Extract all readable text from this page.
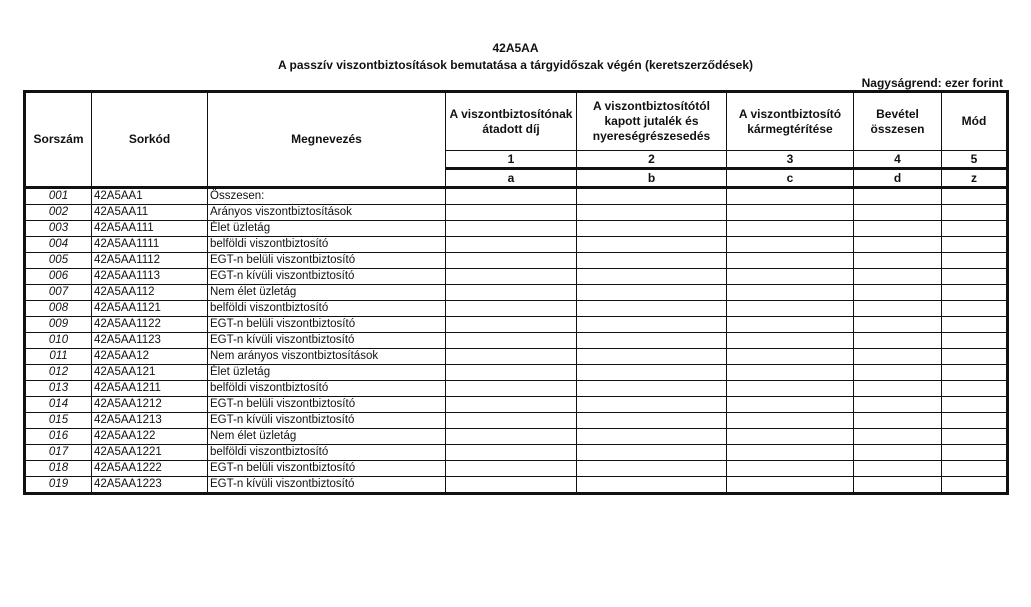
42A5AA
A passzív viszontbiztosítások bemutatása a tárgyidőszak végén (keretszerződések)
Nagyságrend: ezer forint
Sorszám	Sorkód	Megnevezés	A viszontbiztosítónak átadott díj	A viszontbiztosítótól kapott jutalék és nyereségrészesedés	A viszontbiztosító kármegtérítése	Bevétel összesen	Mód
			1	2	3	4	5
			a	b	c	d	z
001	42A5AA1	Összesen:					
002	42A5AA11	Arányos viszontbiztosítások					
003	42A5AA111	Élet üzletág					
004	42A5AA1111	belföldi viszontbiztosító					
005	42A5AA1112	EGT-n belüli viszontbiztosító					
006	42A5AA1113	EGT-n kívüli viszontbiztosító					
007	42A5AA112	Nem élet üzletág					
008	42A5AA1121	belföldi viszontbiztosító					
009	42A5AA1122	EGT-n belüli viszontbiztosító					
010	42A5AA1123	EGT-n kívüli viszontbiztosító					
011	42A5AA12	Nem arányos viszontbiztosítások					
012	42A5AA121	Élet üzletág					
013	42A5AA1211	belföldi viszontbiztosító					
014	42A5AA1212	EGT-n belüli viszontbiztosító					
015	42A5AA1213	EGT-n kívüli viszontbiztosító					
016	42A5AA122	Nem élet üzletág					
017	42A5AA1221	belföldi viszontbiztosító					
018	42A5AA1222	EGT-n belüli viszontbiztosító					
019	42A5AA1223	EGT-n kívüli viszontbiztosító					
